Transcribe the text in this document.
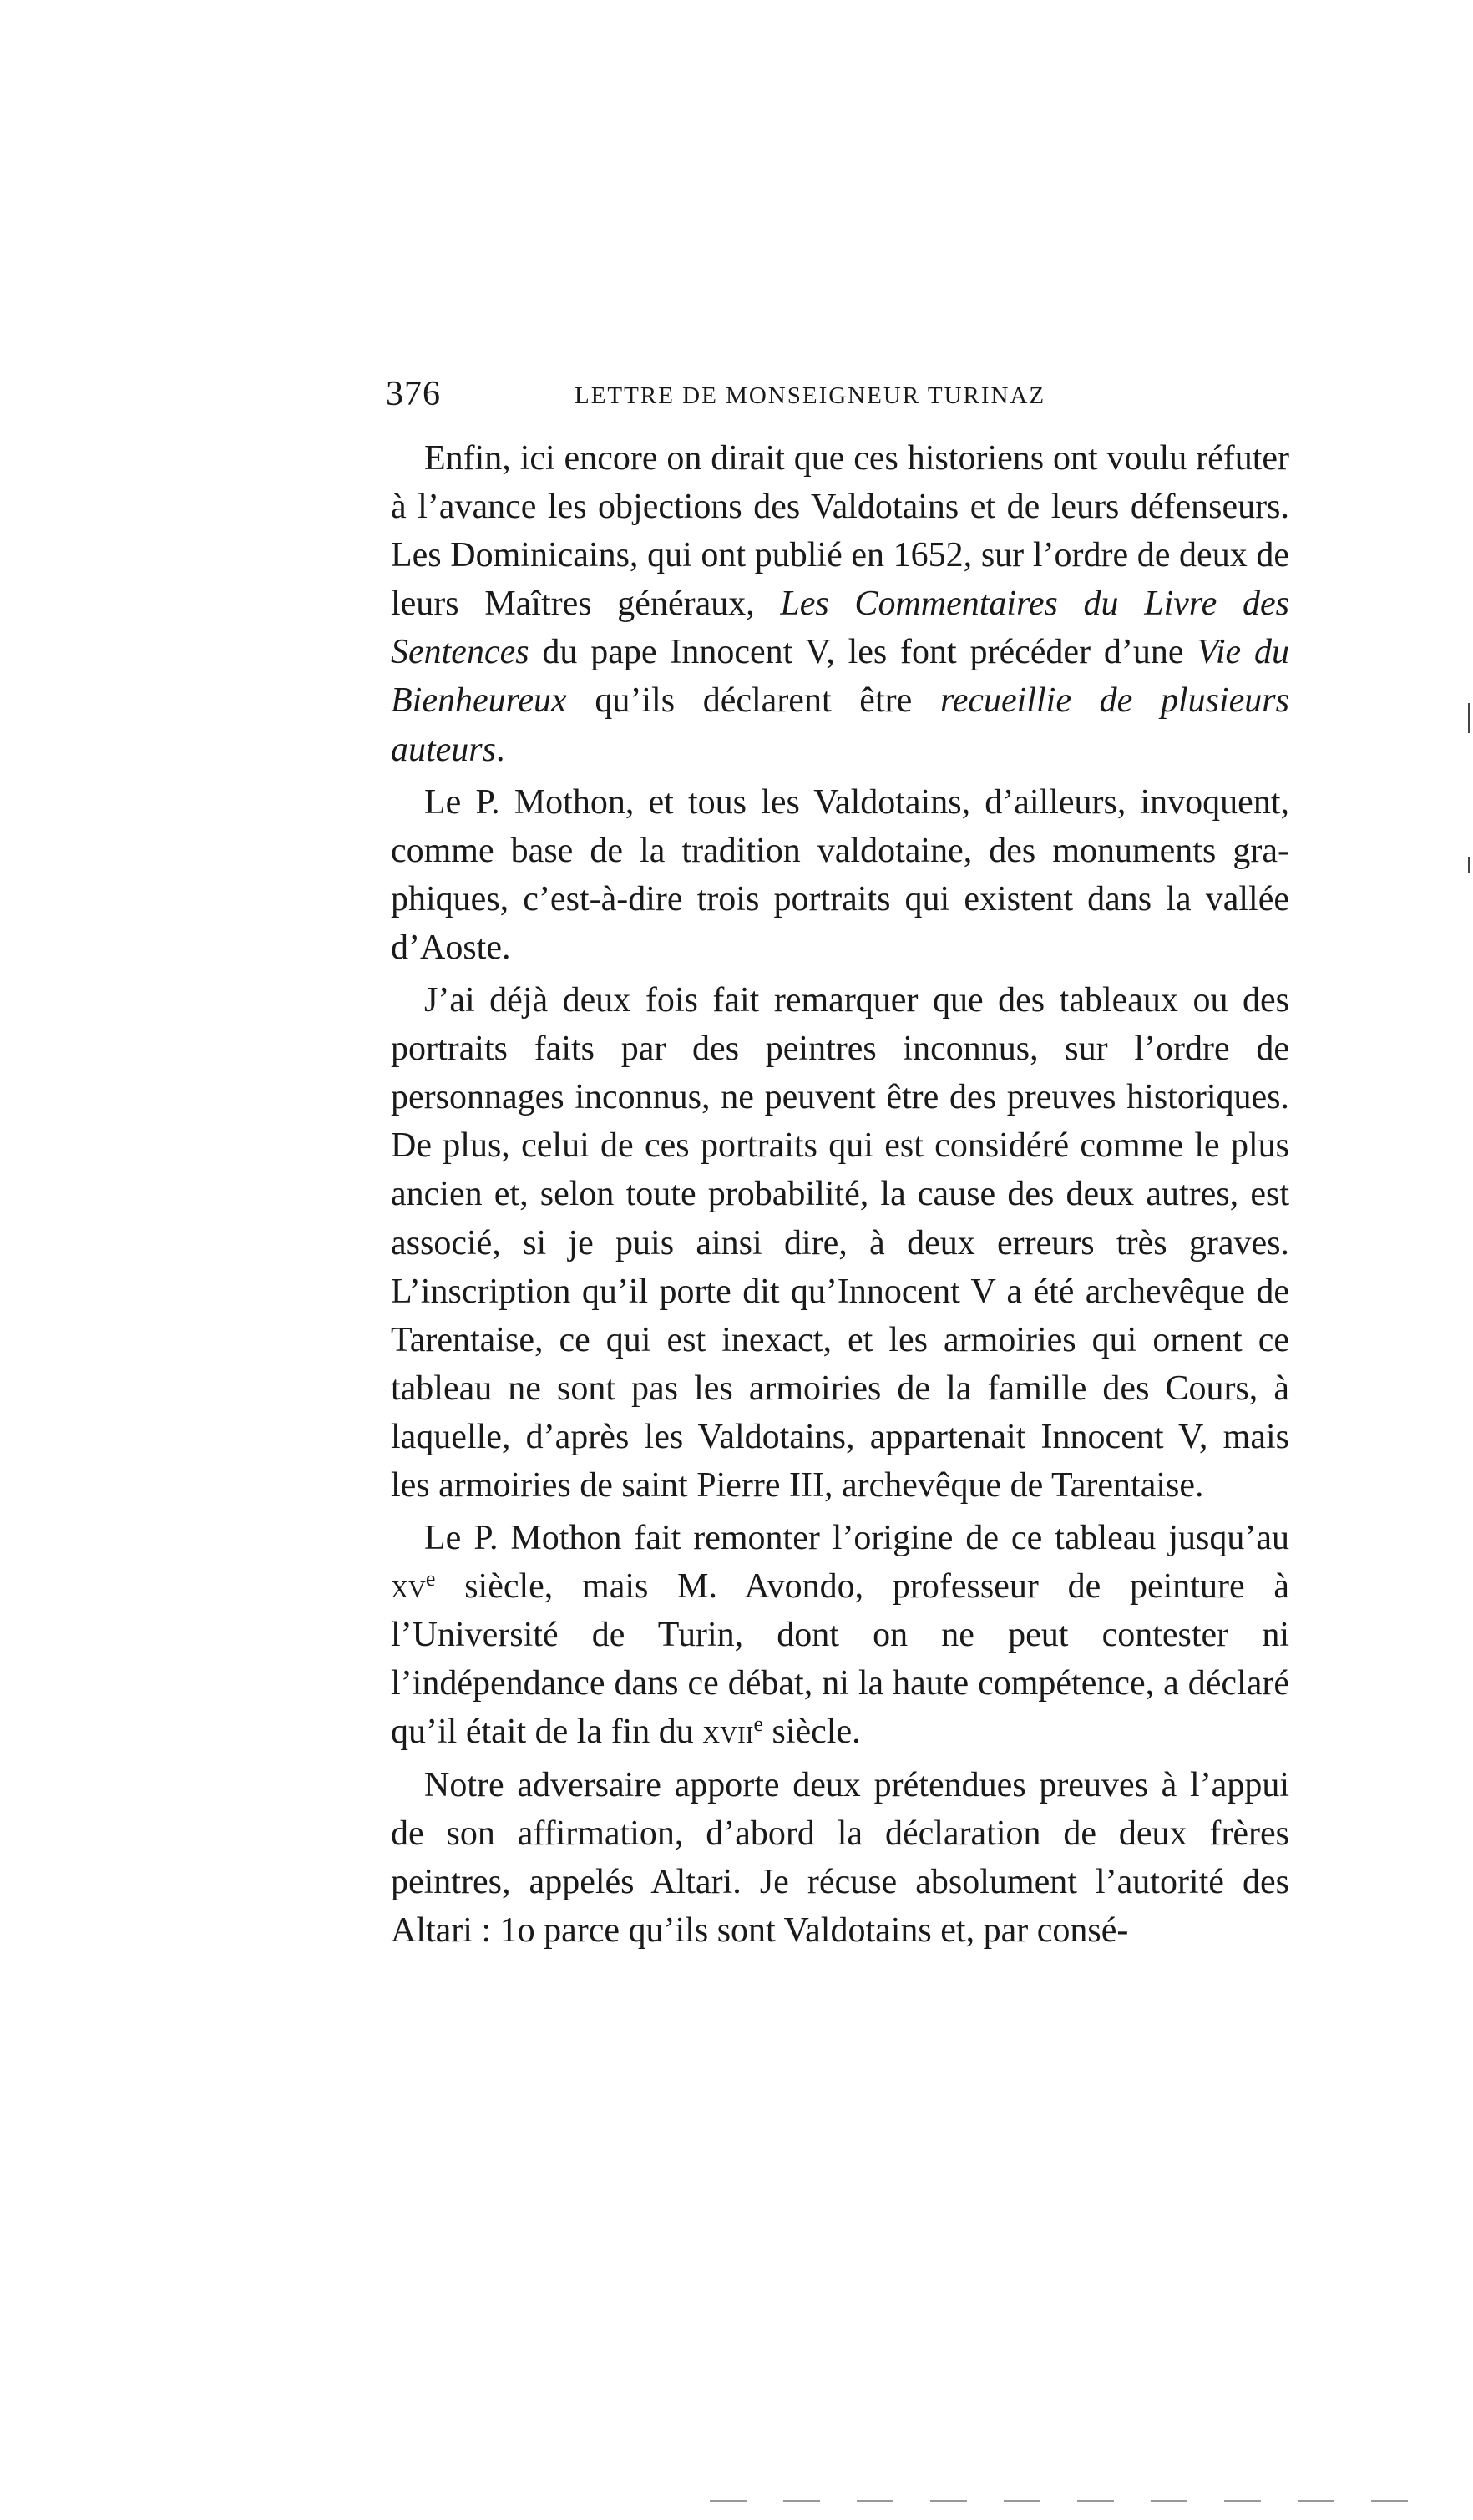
376	LETTRE DE MONSEIGNEUR TURINAZ

Enfin, ici encore on dirait que ces historiens ont voulu réfuter à l’avance les objections des Valdotains et de leurs défenseurs. Les Dominicains, qui ont publié en 1652, sur l’ordre de deux de leurs Maîtres généraux, Les Commentaires du Livre des Sentences du pape Innocent V, les font précéder d’une Vie du Bienheureux qu’ils déclarent être recueillie de plusieurs auteurs.

Le P. Mothon, et tous les Valdotains, d’ailleurs, invoquent, comme base de la tradition valdotaine, des monuments graphiques, c’est-à-dire trois portraits qui existent dans la vallée d’Aoste.

J’ai déjà deux fois fait remarquer que des tableaux ou des portraits faits par des peintres inconnus, sur l’ordre de personnages inconnus, ne peuvent être des preuves historiques. De plus, celui de ces portraits qui est considéré comme le plus ancien et, selon toute probabilité, la cause des deux autres, est associé, si je puis ainsi dire, à deux erreurs très graves. L’inscription qu’il porte dit qu’Innocent V a été archevêque de Tarentaise, ce qui est inexact, et les armoiries qui ornent ce tableau ne sont pas les armoiries de la famille des Cours, à laquelle, d’après les Valdotains, appartenait Innocent V, mais les armoiries de saint Pierre III, archevêque de Tarentaise.

Le P. Mothon fait remonter l’origine de ce tableau jusqu’au $xv^e$ siècle, mais M. Avondo, professeur de peinture à l’Université de Turin, dont on ne peut contester ni l’indépendance dans ce débat, ni la haute compétence, a déclaré qu’il était de la fin du xvii$^e$ siècle.

Notre adversaire apporte deux prétendues preuves à l’appui de son affirmation, d’abord la déclaration de deux frères peintres, appelés Altari. Je récuse absolument l’autorité des Altari : 1o parce qu’ils sont Valdotains et, par consé-
